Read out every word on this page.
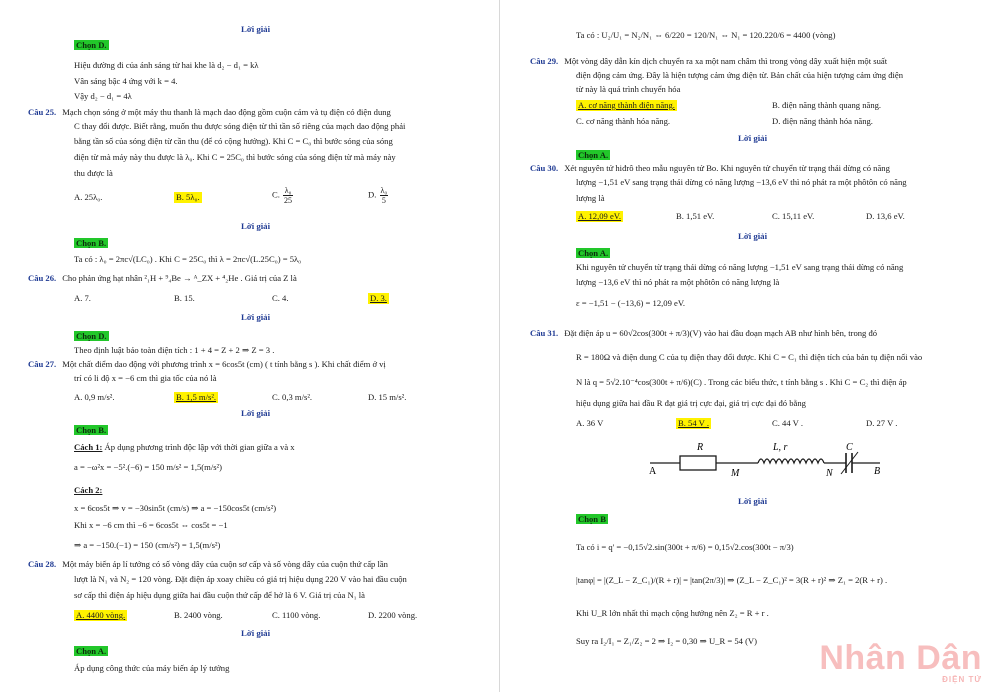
Lời giải
Chọn D.
Hiệu đường đi của ánh sáng từ hai khe là d₂ − d₁ = kλ
Vân sáng bậc 4 ứng với k = 4.
Vậy d₂ − d₁ = 4λ
Câu 25. Mạch chọn sóng ở một máy thu thanh là mạch dao động gồm cuộn cảm và tụ điện có điện dung
C thay đổi được. Biết rằng, muốn thu được sóng điện từ thì tần số riêng của mạch dao động phải
bằng tần số của sóng điện từ cần thu (để có cộng hưởng). Khi C = C₀ thì bước sóng của sóng
điện từ mà máy này thu được là λ₀. Khi C = 25C₀ thì bước sóng của sóng điện từ mà máy này
thu được là
A. 25λ₀.	B. 5λ₀.	C. $\frac{\text{λ₀}}{25}$	D. $\frac{\text{λ₀}}{5}$
Lời giải
Chọn B.
Ta có : λ₀ = 2πc√(LC₀) . Khi C = 25C₀ thì λ = 2πc√(L.25C₀) = 5λ₀
Câu 26. Cho phản ứng hạt nhân ²₁H + ⁹₄Be → ᴬ_ZX + ⁴₂He . Giá trị của Z là
A. 7.	B. 15.	C. 4.	D. 3.
Lời giải
Chọn D.
Theo định luật bảo toàn điện tích : 1 + 4 = Z + 2 ⇒ Z = 3 .
Câu 27. Một chất điểm dao động với phương trình x = 6cos5t (cm) ( t tính bằng s ). Khi chất điểm ở vị
trí có li độ x = −6 cm thì gia tốc của nó là
A. 0,9 m/s².	B. 1,5 m/s².	C. 0,3 m/s².	D. 15 m/s².
Lời giải
Chọn B.
Cách 1: Áp dụng phương trình độc lập với thời gian giữa a và x
a = −ω²x = −5².(−6) = 150 m/s² = 1,5(m/s²)
Cách 2:
x = 6cos5t ⇒ v = −30sin5t (cm/s) ⇒ a = −150cos5t (cm/s²)
Khi x = −6 cm thì −6 = 6cos5t ⇔ cos5t = −1
⇒ a = −150.(−1) = 150 (cm/s²) = 1,5(m/s²)
Câu 28. Một máy biến áp lí tưởng có số vòng dây của cuộn sơ cấp và số vòng dây của cuộn thứ cấp lần
lượt là N₁ và N₂ = 120 vòng. Đặt điện áp xoay chiều có giá trị hiệu dụng 220 V vào hai đầu cuộn
sơ cấp thì điện áp hiệu dụng giữa hai đầu cuộn thứ cấp để hở là 6 V. Giá trị của N₁ là
A. 4400 vòng.	B. 2400 vòng.	C. 1100 vòng.	D. 2200 vòng.
Lời giải
Chọn A.
Áp dụng công thức của máy biến áp lý tưởng
Ta có : U₂/U₁ = N₂/N₁ ⇔ 6/220 = 120/N₁ ⇔ N₁ = 120.220/6 = 4400 (vòng)
Câu 29. Một vòng dây dẫn kín dịch chuyển ra xa một nam châm thì trong vòng dây xuất hiện một suất
điện động cảm ứng. Đây là hiện tượng cảm ứng điện từ. Bản chất của hiện tượng cảm ứng điện
từ này là quá trình chuyển hóa
A. cơ năng thành điện năng.	B. điện năng thành quang năng.
C. cơ năng thành hóa năng.	D. điện năng thành hóa năng.
Lời giải
Chọn A.
Câu 30. Xét nguyên tử hiđrô theo mẫu nguyên tử Bo. Khi nguyên tử chuyển từ trạng thái dừng có năng
lượng −1,51 eV sang trạng thái dừng có năng lượng −13,6 eV thì nó phát ra một phôtôn có năng
lượng là
A. 12,09 eV.	B. 1,51 eV.	C. 15,11 eV.	D. 13,6 eV.
Lời giải
Chọn A.
Khi nguyên tử chuyển từ trạng thái dừng có năng lượng −1,51 eV sang trạng thái dừng có năng
lượng −13,6 eV thì nó phát ra một phôtôn có năng lượng là
ε = −1,51 − (−13,6) = 12,09 eV.
Câu 31. Đặt điện áp u = 60√2cos(300t + π/3)(V) vào hai đầu đoạn mạch AB như hình bên, trong đó
R = 180Ω và điện dung C của tụ điện thay đổi được. Khi C = C₁ thì điện tích của bản tụ điện nối vào
N là q = 5√2.10⁻⁴cos(300t + π/6)(C) . Trong các biểu thức, t tính bằng s . Khi C = C₂ thì điện áp
hiệu dụng giữa hai đầu R đạt giá trị cực đại, giá trị cực đại đó bằng
A. 36 V	B. 54 V .	C. 44 V .	D. 27 V .
R	L, r	C
A	M	N	B
Lời giải
Chọn B
Ta có i = q' = −0,15√2.sin(300t + π/6) = 0,15√2.cos(300t − π/3)
|tanφ| = |(Z_L − Z_C₁)/(R + r)| = |tan(2π/3)| ⇒ (Z_L − Z_C₁)² = 3(R + r)² ⇒ Z₁ = 2(R + r) .
Khi U_R lớn nhất thì mạch cộng hưởng nên Z₂ = R + r .
Suy ra I₂/I₁ = Z₁/Z₂ = 2 ⇒ I₂ = 0,30 ⇒ U_R = 54 (V)	Nhân Dân
ĐIỆN TỬ
